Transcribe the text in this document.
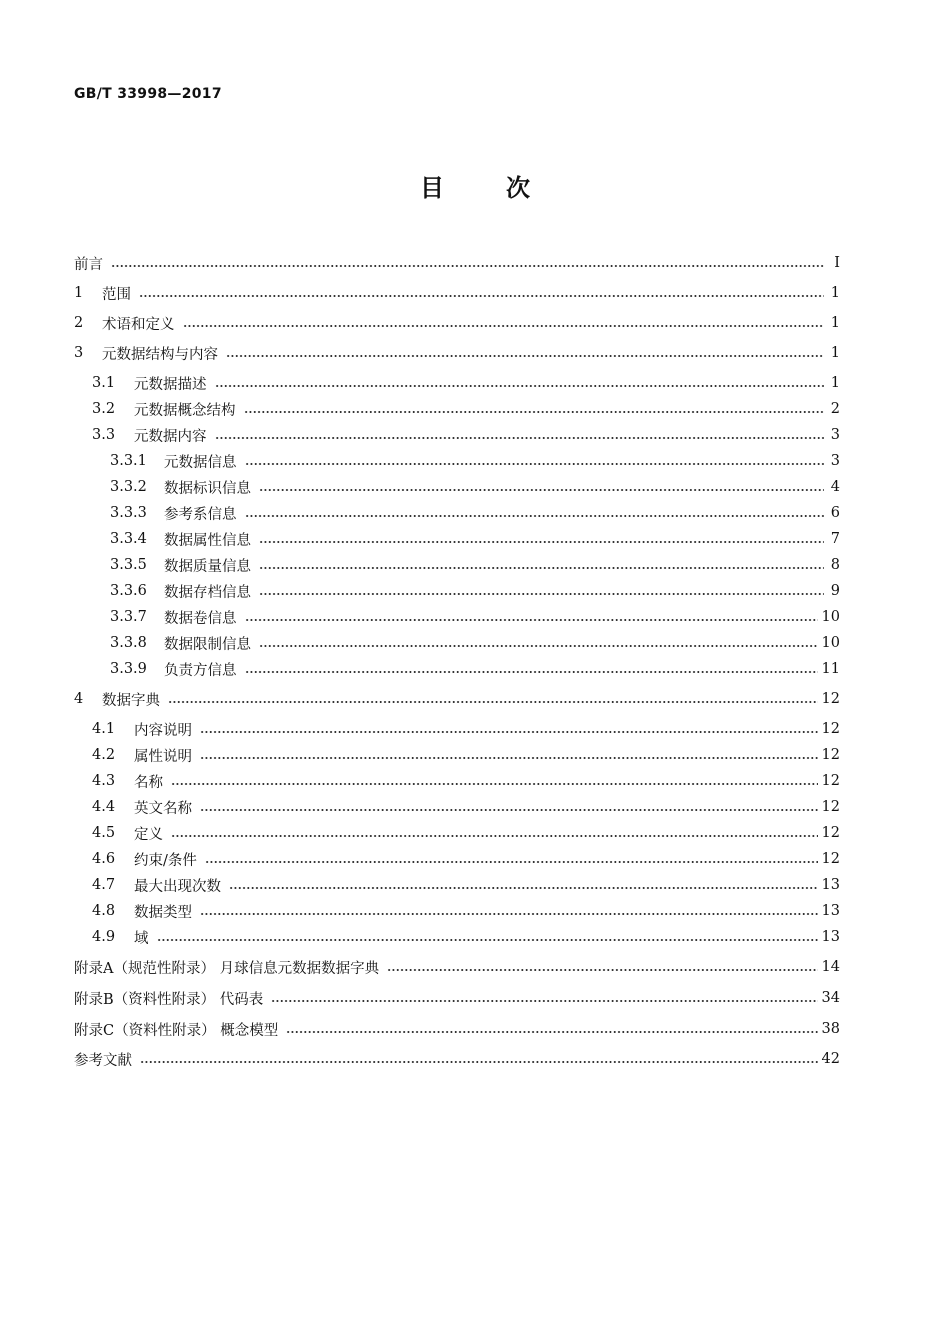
GB/T 33998—2017
目次
前言	Ⅰ
1	范围	1
2	术语和定义	1
3	元数据结构与内容	1
3.1	元数据描述	1
3.2	元数据概念结构	2
3.3	元数据内容	3
3.3.1	元数据信息	3
3.3.2	数据标识信息	4
3.3.3	参考系信息	6
3.3.4	数据属性信息	7
3.3.5	数据质量信息	8
3.3.6	数据存档信息	9
3.3.7	数据卷信息	10
3.3.8	数据限制信息	10
3.3.9	负责方信息	11
4	数据字典	12
4.1	内容说明	12
4.2	属性说明	12
4.3	名称	12
4.4	英文名称	12
4.5	定义	12
4.6	约束/条件	12
4.7	最大出现次数	13
4.8	数据类型	13
4.9	域	13
附录A（规范性附录） 月球信息元数据数据字典	14
附录B（资料性附录） 代码表	34
附录C（资料性附录） 概念模型	38
参考文献	42
